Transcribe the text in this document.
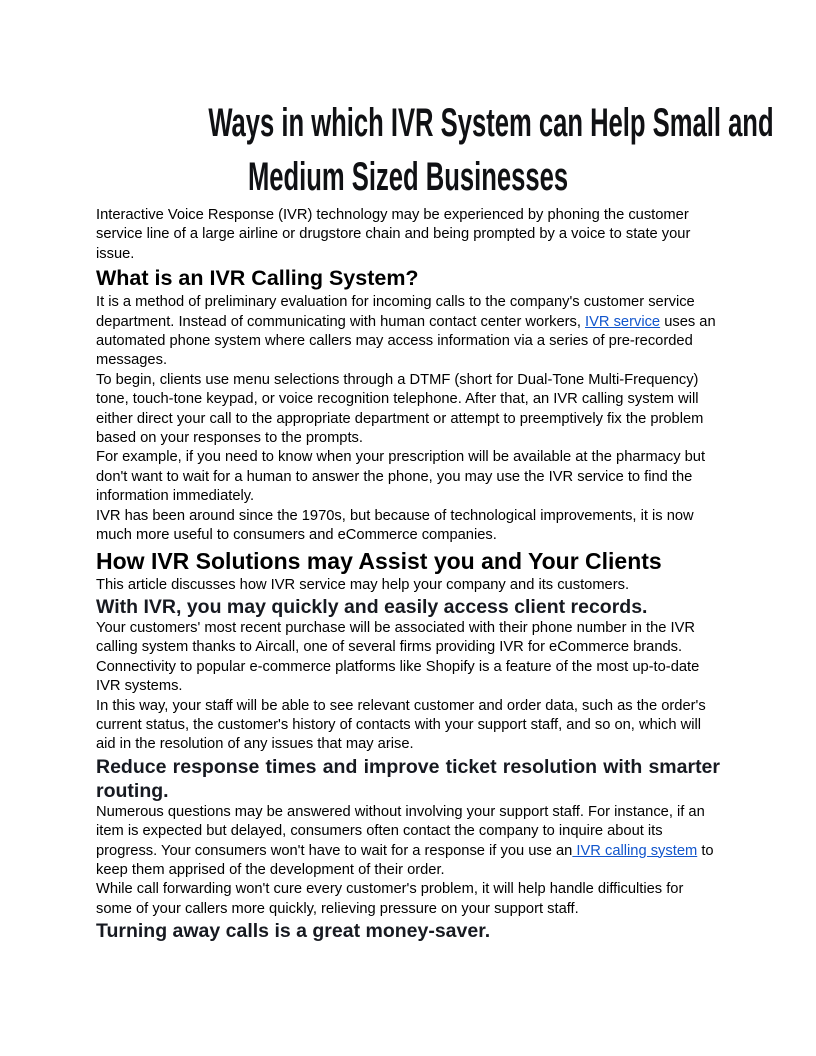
Ways in which IVR System can Help Small and
Medium Sized Businesses

Interactive Voice Response (IVR) technology may be experienced by phoning the customer service line of a large airline or drugstore chain and being prompted by a voice to state your issue.

What is an IVR Calling System?

It is a method of preliminary evaluation for incoming calls to the company's customer service department. Instead of communicating with human contact center workers, IVR service uses an automated phone system where callers may access information via a series of pre-recorded messages.

To begin, clients use menu selections through a DTMF (short for Dual-Tone Multi-Frequency) tone, touch-tone keypad, or voice recognition telephone. After that, an IVR calling system will either direct your call to the appropriate department or attempt to preemptively fix the problem based on your responses to the prompts.

For example, if you need to know when your prescription will be available at the pharmacy but don't want to wait for a human to answer the phone, you may use the IVR service to find the information immediately.

IVR has been around since the 1970s, but because of technological improvements, it is now much more useful to consumers and eCommerce companies.

How IVR Solutions may Assist you and Your Clients

This article discusses how IVR service may help your company and its customers.

With IVR, you may quickly and easily access client records.

Your customers' most recent purchase will be associated with their phone number in the IVR calling system thanks to Aircall, one of several firms providing IVR for eCommerce brands. Connectivity to popular e-commerce platforms like Shopify is a feature of the most up-to-date IVR systems.

In this way, your staff will be able to see relevant customer and order data, such as the order's current status, the customer's history of contacts with your support staff, and so on, which will aid in the resolution of any issues that may arise.

Reduce response times and improve ticket resolution with smarter routing.

Numerous questions may be answered without involving your support staff. For instance, if an item is expected but delayed, consumers often contact the company to inquire about its progress. Your consumers won't have to wait for a response if you use an IVR calling system to keep them apprised of the development of their order.

While call forwarding won't cure every customer's problem, it will help handle difficulties for some of your callers more quickly, relieving pressure on your support staff.

Turning away calls is a great money-saver.
